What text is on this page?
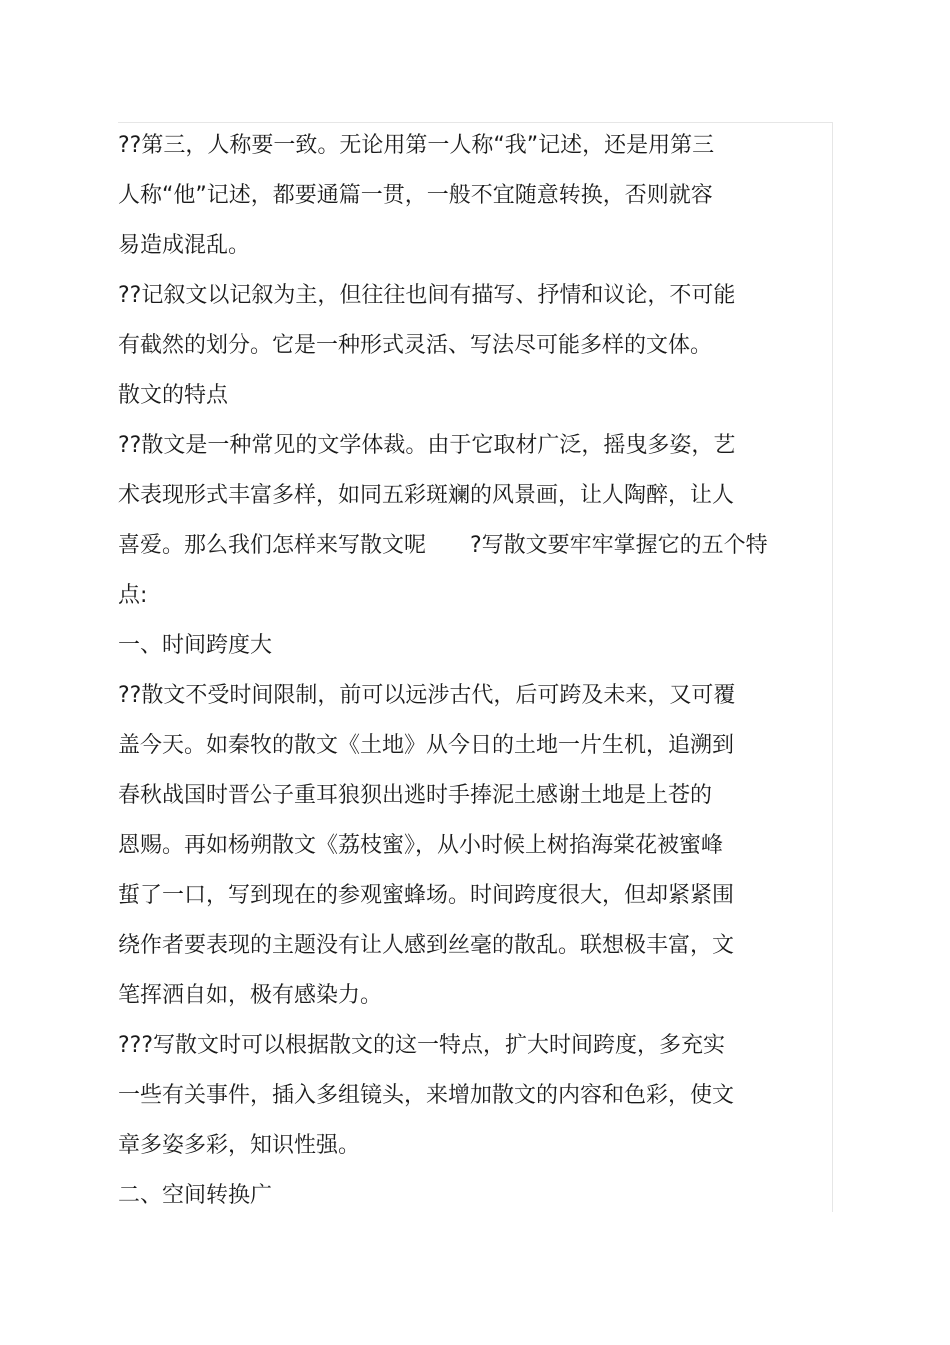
??第三，人称要一致。无论用第一人称“我”记述，还是用第三
人称“他”记述，都要通篇一贯，一般不宜随意转换，否则就容
易造成混乱。
??记叙文以记叙为主，但往往也间有描写、抒情和议论，不可能
有截然的划分。它是一种形式灵活、写法尽可能多样的文体。
散文的特点
??散文是一种常见的文学体裁。由于它取材广泛，摇曳多姿，艺
术表现形式丰富多样，如同五彩斑斓的风景画，让人陶醉，让人
喜爱。那么我们怎样来写散文呢　　?写散文要牢牢掌握它的五个特
点:
一、时间跨度大
??散文不受时间限制，前可以远涉古代，后可跨及未来，又可覆
盖今天。如秦牧的散文《土地》从今日的土地一片生机，追溯到
春秋战国时晋公子重耳狼狈出逃时手捧泥土感谢土地是上苍的
恩赐。再如杨朔散文《荔枝蜜》，从小时候上树掐海棠花被蜜峰
蜇了一口，写到现在的参观蜜蜂场。时间跨度很大，但却紧紧围
绕作者要表现的主题没有让人感到丝毫的散乱。联想极丰富，文
笔挥洒自如，极有感染力。
???写散文时可以根据散文的这一特点，扩大时间跨度，多充实
一些有关事件，插入多组镜头，来增加散文的内容和色彩，使文
章多姿多彩，知识性强。
二、空间转换广
